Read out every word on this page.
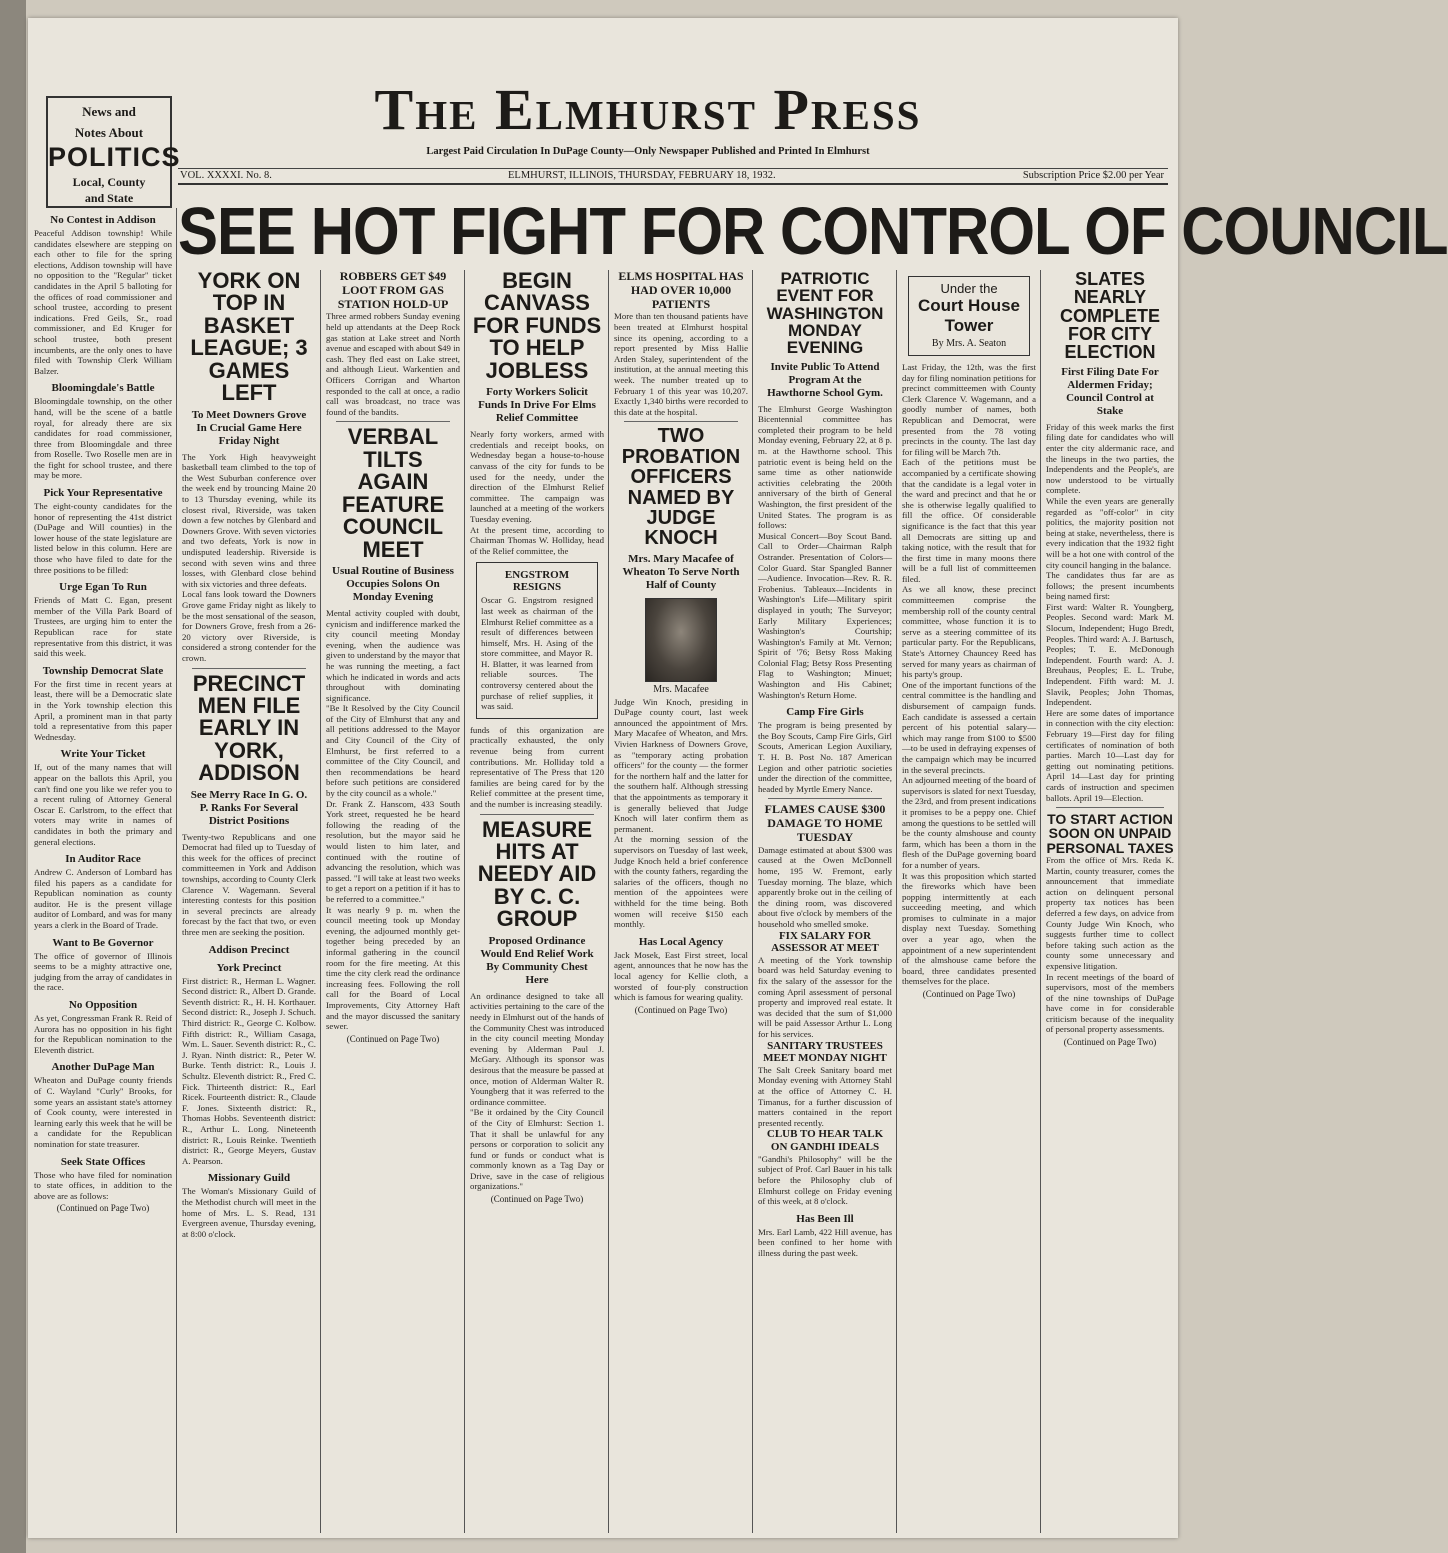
News and
Notes About
POLITICS
Local, County
and State
The Elmhurst Press
Largest Paid Circulation In DuPage County—Only Newspaper Published and Printed In Elmhurst
VOL. XXXXI. No. 8.	ELMHURST, ILLINOIS, THURSDAY, FEBRUARY 18, 1932.	Subscription Price $2.00 per Year
SEE HOT FIGHT FOR CONTROL OF COUNCIL
No Contest in Addison
Peaceful Addison township! While candidates elsewhere are stepping on each other to file for the spring elections, Addison township will have no opposition to the "Regular" ticket candidates in the April 5 balloting for the offices of road commissioner and school trustee, according to present indications. Fred Geils, Sr., road commissioner, and Ed Kruger for school trustee, both present incumbents, are the only ones to have filed with Township Clerk William Balzer.
Bloomingdale's Battle
Bloomingdale township, on the other hand, will be the scene of a battle royal, for already there are six candidates for road commissioner, three from Bloomingdale and three from Roselle. Two Roselle men are in the fight for school trustee, and there may be more.
Pick Your Representative
The eight-county candidates for the honor of representing the 41st district (DuPage and Will counties) in the lower house of the state legislature are listed below in this column. Here are those who have filed to date for the three positions to be filled:
Urge Egan To Run
Friends of Matt C. Egan, present member of the Villa Park Board of Trustees, are urging him to enter the Republican race for state representative from this district, it was said this week.
Township Democrat Slate
For the first time in recent years at least, there will be a Democratic slate in the York township election this April, a prominent man in that party told a representative from this paper Wednesday.
Write Your Ticket
If, out of the many names that will appear on the ballots this April, you can't find one you like we refer you to a recent ruling of Attorney General Oscar E. Carlstrom, to the effect that voters may write in names of candidates in both the primary and general elections.
In Auditor Race
Andrew C. Anderson of Lombard has filed his papers as a candidate for Republican nomination as county auditor. He is the present village auditor of Lombard, and was for many years a clerk in the Board of Trade.
Want to Be Governor
The office of governor of Illinois seems to be a mighty attractive one, judging from the array of candidates in the race.
No Opposition
As yet, Congressman Frank R. Reid of Aurora has no opposition in his fight for the Republican nomination to the Eleventh district.
Another DuPage Man
Wheaton and DuPage county friends of C. Wayland "Curly" Brooks, for some years an assistant state's attorney of Cook county, were interested in learning early this week that he will be a candidate for the Republican nomination for state treasurer.
Seek State Offices
Those who have filed for nomination to state offices, in addition to the above are as follows:
(Continued on Page Two)
YORK ON TOP IN BASKET LEAGUE; 3 GAMES LEFT
To Meet Downers Grove In Crucial Game Here Friday Night
The York High heavyweight basketball team climbed to the top of the West Suburban conference over the week end by trouncing Maine 20 to 13 Thursday evening, while its closest rival, Riverside, was taken down a few notches by Glenbard and Downers Grove. With seven victories and two defeats, York is now in undisputed leadership. Riverside is second with seven wins and three losses, with Glenbard close behind with six victories and three defeats.
Local fans look toward the Downers Grove game Friday night as likely to be the most sensational of the season, for Downers Grove, fresh from a 26-20 victory over Riverside, is considered a strong contender for the crown.
PRECINCT MEN FILE EARLY IN YORK, ADDISON
See Merry Race In G. O. P. Ranks For Several District Positions
Twenty-two Republicans and one Democrat had filed up to Tuesday of this week for the offices of precinct committeemen in York and Addison townships, according to County Clerk Clarence V. Wagemann. Several interesting contests for this position in several precincts are already forecast by the fact that two, or even three men are seeking the position.
Addison Precinct
York Precinct
First district: R., Herman L. Wagner. Second district: R., Albert D. Grande. Seventh district: R., H. H. Korthauer. Second district: R., Joseph J. Schuch. Third district: R., George C. Kolbow. Fifth district: R., William Casaga, Wm. L. Sauer. Seventh district: R., C. J. Ryan. Ninth district: R., Peter W. Burke. Tenth district: R., Louis J. Schultz. Eleventh district: R., Fred C. Fick. Thirteenth district: R., Earl Ricek. Fourteenth district: R., Claude F. Jones. Sixteenth district: R., Thomas Hobbs. Seventeenth district: R., Arthur L. Long. Nineteenth district: R., Louis Reinke. Twentieth district: R., George Meyers, Gustav A. Pearson.
Missionary Guild
The Woman's Missionary Guild of the Methodist church will meet in the home of Mrs. L. S. Read, 131 Evergreen avenue, Thursday evening, at 8:00 o'clock.
ROBBERS GET $49 LOOT FROM GAS STATION HOLD-UP
Three armed robbers Sunday evening held up attendants at the Deep Rock gas station at Lake street and North avenue and escaped with about $49 in cash. They fled east on Lake street, and although Lieut. Warkentien and Officers Corrigan and Wharton responded to the call at once, a radio call was broadcast, no trace was found of the bandits.
VERBAL TILTS AGAIN FEATURE COUNCIL MEET
Usual Routine of Business Occupies Solons On Monday Evening
Mental activity coupled with doubt, cynicism and indifference marked the city council meeting Monday evening, when the audience was given to understand by the mayor that he was running the meeting, a fact which he indicated in words and acts throughout with dominating significance.
"Be It Resolved by the City Council of the City of Elmhurst that any and all petitions addressed to the Mayor and City Council of the City of Elmhurst, be first referred to a committee of the City Council, and then recommendations be heard before such petitions are considered by the city council as a whole."
Dr. Frank Z. Hanscom, 433 South York street, requested he be heard following the reading of the resolution, but the mayor said he would listen to him later, and continued with the routine of advancing the resolution, which was passed. "I will take at least two weeks to get a report on a petition if it has to be referred to a committee."
It was nearly 9 p. m. when the council meeting took up Monday evening, the adjourned monthly get-together being preceded by an informal gathering in the council room for the fire meeting. At this time the city clerk read the ordinance increasing fees. Following the roll call for the Board of Local Improvements, City Attorney Haft and the mayor discussed the sanitary sewer.
(Continued on Page Two)
BEGIN CANVASS FOR FUNDS TO HELP JOBLESS
Forty Workers Solicit Funds In Drive For Elms Relief Committee
Nearly forty workers, armed with credentials and receipt books, on Wednesday began a house-to-house canvass of the city for funds to be used for the needy, under the direction of the Elmhurst Relief committee. The campaign was launched at a meeting of the workers Tuesday evening.
At the present time, according to Chairman Thomas W. Holliday, head of the Relief committee, the
ENGSTROM RESIGNS
Oscar G. Engstrom resigned last week as chairman of the Elmhurst Relief committee as a result of differences between himself, Mrs. H. Asing of the store committee, and Mayor R. H. Blatter, it was learned from reliable sources. The controversy centered about the purchase of relief supplies, it was said.
funds of this organization are practically exhausted, the only revenue being from current contributions. Mr. Holliday told a representative of The Press that 120 families are being cared for by the Relief committee at the present time, and the number is increasing steadily.
MEASURE HITS AT NEEDY AID BY C. C. GROUP
Proposed Ordinance Would End Relief Work By Community Chest Here
An ordinance designed to take all activities pertaining to the care of the needy in Elmhurst out of the hands of the Community Chest was introduced in the city council meeting Monday evening by Alderman Paul J. McGary. Although its sponsor was desirous that the measure be passed at once, motion of Alderman Walter R. Youngberg that it was referred to the ordinance committee.
"Be it ordained by the City Council of the City of Elmhurst: Section 1. That it shall be unlawful for any persons or corporation to solicit any fund or funds or conduct what is commonly known as a Tag Day or Drive, save in the case of religious organizations."
(Continued on Page Two)
ELMS HOSPITAL HAS HAD OVER 10,000 PATIENTS
More than ten thousand patients have been treated at Elmhurst hospital since its opening, according to a report presented by Miss Hallie Arden Staley, superintendent of the institution, at the annual meeting this week. The number treated up to February 1 of this year was 10,207. Exactly 1,340 births were recorded to this date at the hospital.
TWO PROBATION OFFICERS NAMED BY JUDGE KNOCH
Mrs. Mary Macafee of Wheaton To Serve North Half of County
Mrs. Macafee
Judge Win Knoch, presiding in DuPage county court, last week announced the appointment of Mrs. Mary Macafee of Wheaton, and Mrs. Vivien Harkness of Downers Grove, as "temporary acting probation officers" for the county — the former for the northern half and the latter for the southern half. Although stressing that the appointments as temporary it is generally believed that Judge Knoch will later confirm them as permanent.
At the morning session of the supervisors on Tuesday of last week, Judge Knoch held a brief conference with the county fathers, regarding the salaries of the officers, though no mention of the appointees were withheld for the time being. Both women will receive $150 each monthly.
Has Local Agency
Jack Mosek, East First street, local agent, announces that he now has the local agency for Kellie cloth, a worsted of four-ply construction which is famous for wearing quality.
(Continued on Page Two)
PATRIOTIC EVENT FOR WASHINGTON MONDAY EVENING
Invite Public To Attend Program At the Hawthorne School Gym.
The Elmhurst George Washington Bicentennial committee has completed their program to be held Monday evening, February 22, at 8 p. m. at the Hawthorne school. This patriotic event is being held on the same time as other nationwide activities celebrating the 200th anniversary of the birth of General Washington, the first president of the United States. The program is as follows:
Musical Concert—Boy Scout Band. Call to Order—Chairman Ralph Ostrander. Presentation of Colors—Color Guard. Star Spangled Banner—Audience. Invocation—Rev. R. R. Frobenius. Tableaux—Incidents in Washington's Life—Military spirit displayed in youth; The Surveyor; Early Military Experiences; Washington's Courtship; Washington's Family at Mt. Vernon; Spirit of '76; Betsy Ross Making Colonial Flag; Betsy Ross Presenting Flag to Washington; Minuet; Washington and His Cabinet; Washington's Return Home.
Camp Fire Girls
The program is being presented by the Boy Scouts, Camp Fire Girls, Girl Scouts, American Legion Auxiliary, T. H. B. Post No. 187 American Legion and other patriotic societies under the direction of the committee, headed by Myrtle Emery Nance.
FLAMES CAUSE $300 DAMAGE TO HOME TUESDAY
Damage estimated at about $300 was caused at the Owen McDonnell home, 195 W. Fremont, early Tuesday morning. The blaze, which apparently broke out in the ceiling of the dining room, was discovered about five o'clock by members of the household who smelled smoke.
FIX SALARY FOR ASSESSOR AT MEET
A meeting of the York township board was held Saturday evening to fix the salary of the assessor for the coming April assessment of personal property and improved real estate. It was decided that the sum of $1,000 will be paid Assessor Arthur L. Long for his services.
SANITARY TRUSTEES MEET MONDAY NIGHT
The Salt Creek Sanitary board met Monday evening with Attorney Stahl at the office of Attorney C. H. Timanus, for a further discussion of matters contained in the report presented recently.
CLUB TO HEAR TALK ON GANDHI IDEALS
"Gandhi's Philosophy" will be the subject of Prof. Carl Bauer in his talk before the Philosophy club of Elmhurst college on Friday evening of this week, at 8 o'clock.
Has Been Ill
Mrs. Earl Lamb, 422 Hill avenue, has been confined to her home with illness during the past week.
Under the
Court House
Tower
By Mrs. A. Seaton
Last Friday, the 12th, was the first day for filing nomination petitions for precinct committeemen with County Clerk Clarence V. Wagemann, and a goodly number of names, both Republican and Democrat, were presented from the 78 voting precincts in the county. The last day for filing will be March 7th.
Each of the petitions must be accompanied by a certificate showing that the candidate is a legal voter in the ward and precinct and that he or she is otherwise legally qualified to fill the office. Of considerable significance is the fact that this year all Democrats are sitting up and taking notice, with the result that for the first time in many moons there will be a full list of committeemen filed.
As we all know, these precinct committeemen comprise the membership roll of the county central committee, whose function it is to serve as a steering committee of its particular party. For the Republicans, State's Attorney Chauncey Reed has served for many years as chairman of his party's group.
One of the important functions of the central committee is the handling and disbursement of campaign funds. Each candidate is assessed a certain percent of his potential salary—which may range from $100 to $500—to be used in defraying expenses of the campaign which may be incurred in the several precincts.
An adjourned meeting of the board of supervisors is slated for next Tuesday, the 23rd, and from present indications it promises to be a peppy one. Chief among the questions to be settled will be the county almshouse and county farm, which has been a thorn in the flesh of the DuPage governing board for a number of years.
It was this proposition which started the fireworks which have been popping intermittently at each succeeding meeting, and which promises to culminate in a major display next Tuesday. Something over a year ago, when the appointment of a new superintendent of the almshouse came before the board, three candidates presented themselves for the place.
(Continued on Page Two)
SLATES NEARLY COMPLETE FOR CITY ELECTION
First Filing Date For Aldermen Friday; Council Control at Stake
Friday of this week marks the first filing date for candidates who will enter the city aldermanic race, and the lineups in the two parties, the Independents and the People's, are now understood to be virtually complete.
While the even years are generally regarded as "off-color" in city politics, the majority position not being at stake, nevertheless, there is every indication that the 1932 fight will be a hot one with control of the city council hanging in the balance.
The candidates thus far are as follows; the present incumbents being named first:
First ward: Walter R. Youngberg, Peoples. Second ward: Mark M. Slocum, Independent; Hugo Bredt, Peoples. Third ward: A. J. Bartusch, Peoples; T. E. McDonough Independent. Fourth ward: A. J. Breuhaus, Peoples; E. L. Trube, Independent. Fifth ward: M. J. Slavik, Peoples; John Thomas, Independent.
Here are some dates of importance in connection with the city election: February 19—First day for filing certificates of nomination of both parties. March 10—Last day for getting out nominating petitions. April 14—Last day for printing cards of instruction and specimen ballots. April 19—Election.
TO START ACTION SOON ON UNPAID PERSONAL TAXES
From the office of Mrs. Reda K. Martin, county treasurer, comes the announcement that immediate action on delinquent personal property tax notices has been deferred a few days, on advice from County Judge Win Knoch, who suggests further time to collect before taking such action as the county some unnecessary and expensive litigation.
In recent meetings of the board of supervisors, most of the members of the nine townships of DuPage have come in for considerable criticism because of the inequality of personal property assessments.
(Continued on Page Two)
